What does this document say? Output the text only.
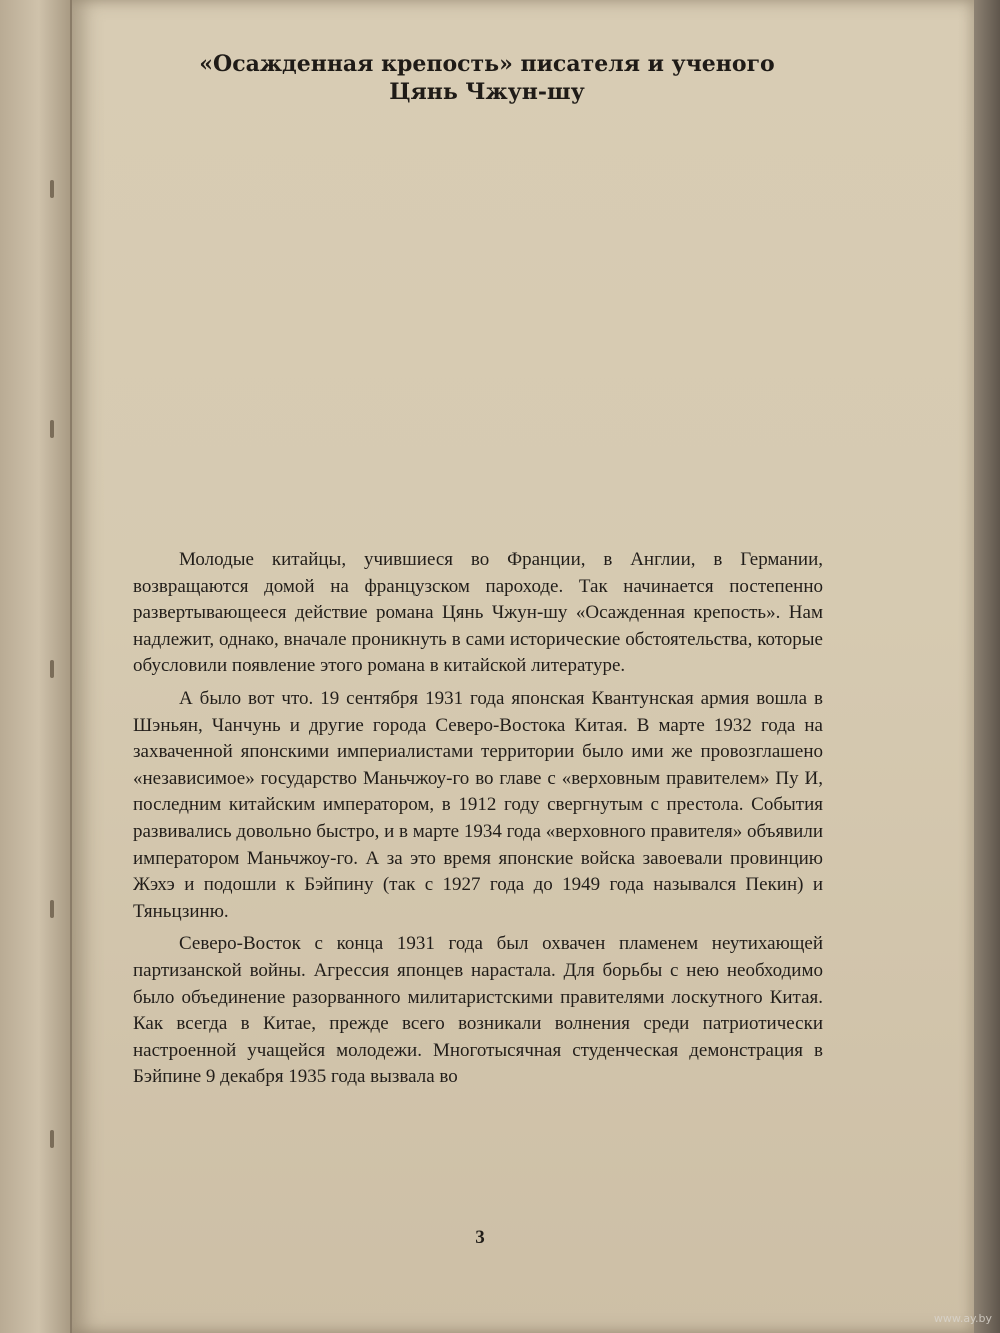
«Осажденная крепость» писателя и ученого
Цянь Чжун-шу

Молодые китайцы, учившиеся во Франции, в Англии, в Германии, возвращаются домой на французском пароходе. Так начинается постепенно развертывающееся действие романа Цянь Чжун-шу «Осажденная крепость». Нам надлежит, однако, вначале проникнуть в сами исторические обстоятельства, которые обусловили появление этого романа в китайской литературе.

А было вот что. 19 сентября 1931 года японская Квантунская армия вошла в Шэньян, Чанчунь и другие города Северо-Востока Китая. В марте 1932 года на захваченной японскими империалистами территории было ими же провозглашено «независимое» государство Маньчжоу-го во главе с «верховным правителем» Пу И, последним китайским императором, в 1912 году свергнутым с престола. События развивались довольно быстро, и в марте 1934 года «верховного правителя» объявили императором Маньчжоу-го. А за это время японские войска завоевали провинцию Жэхэ и подошли к Бэйпину (так с 1927 года до 1949 года назывался Пекин) и Тяньцзиню.

Северо-Восток с конца 1931 года был охвачен пламенем неутихающей партизанской войны. Агрессия японцев нарастала. Для борьбы с нею необходимо было объединение разорванного милитаристскими правителями лоскутного Китая. Как всегда в Китае, прежде всего возникали волнения среди патриотически настроенной учащейся молодежи. Многотысячная студенческая демонстрация в Бэйпине 9 декабря 1935 года вызвала во

3
www.ay.by
